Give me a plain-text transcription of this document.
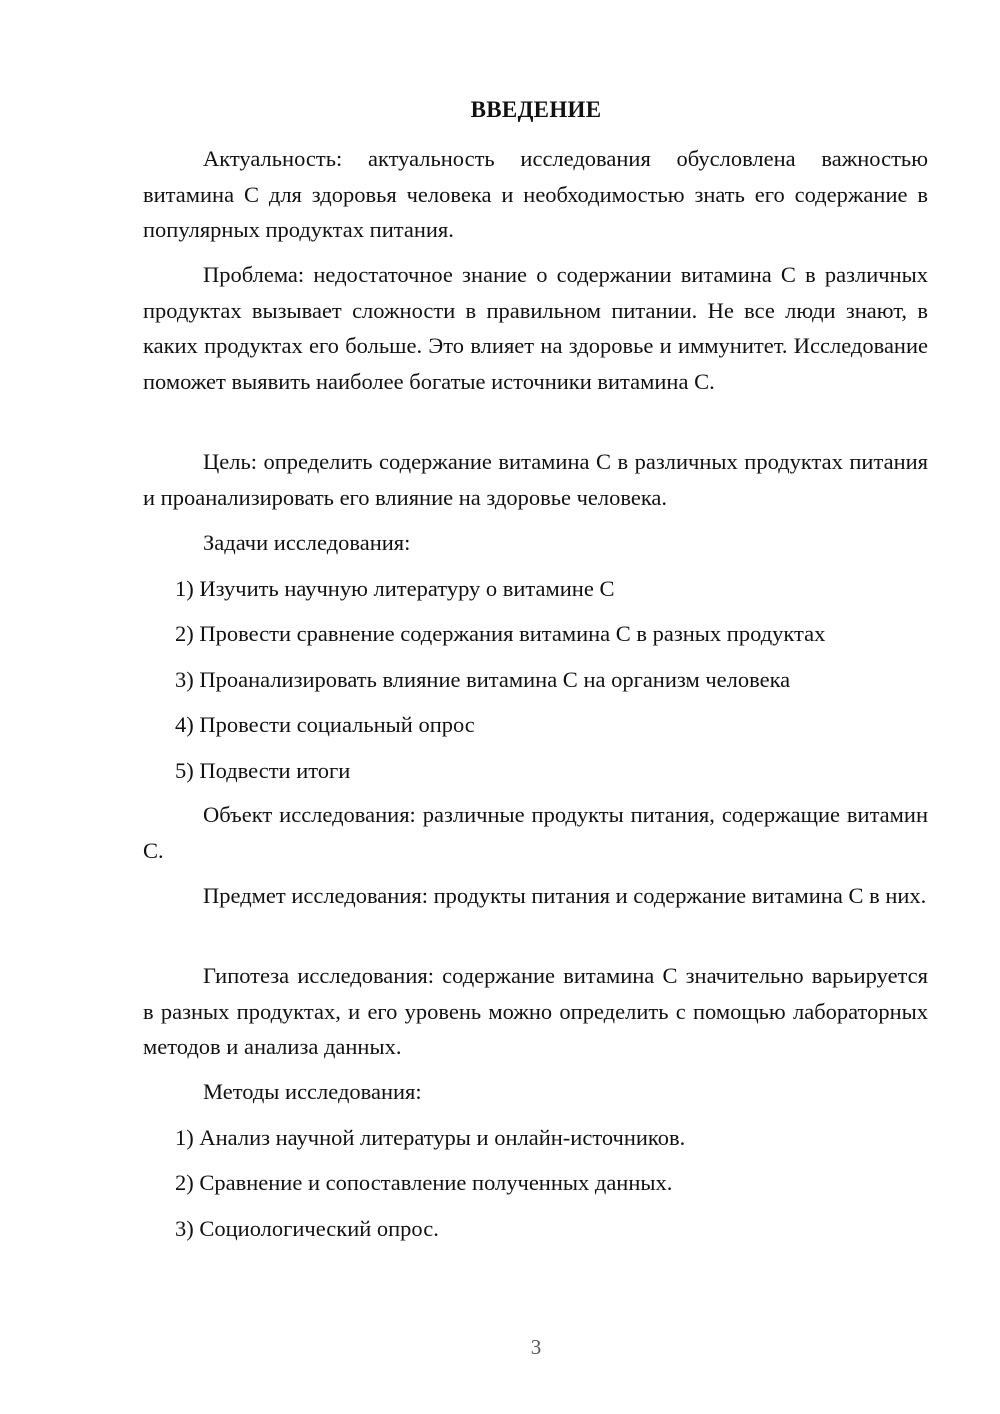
ВВЕДЕНИЕ

Актуальность: актуальность исследования обусловлена важностью витамина С для здоровья человека и необходимостью знать его содержание в популярных продуктах питания.

Проблема: недостаточное знание о содержании витамина С в различных продуктах вызывает сложности в правильном питании. Не все люди знают, в каких продуктах его больше. Это влияет на здоровье и иммунитет. Исследование поможет выявить наиболее богатые источники витамина С.

Цель: определить содержание витамина С в различных продуктах питания и проанализировать его влияние на здоровье человека.

Задачи исследования:

1) Изучить научную литературу о витамине С

2) Провести сравнение содержания витамина С в разных продуктах

3) Проанализировать влияние витамина С на организм человека

4) Провести социальный опрос

5) Подвести итоги

Объект исследования: различные продукты питания, содержащие витамин С.

Предмет исследования: продукты питания и содержание витамина С в них.

Гипотеза исследования: содержание витамина С значительно варьируется в разных продуктах, и его уровень можно определить с помощью лабораторных методов и анализа данных.

Методы исследования:

1) Анализ научной литературы и онлайн-источников.

2) Сравнение и сопоставление полученных данных.

3) Социологический опрос.

3
